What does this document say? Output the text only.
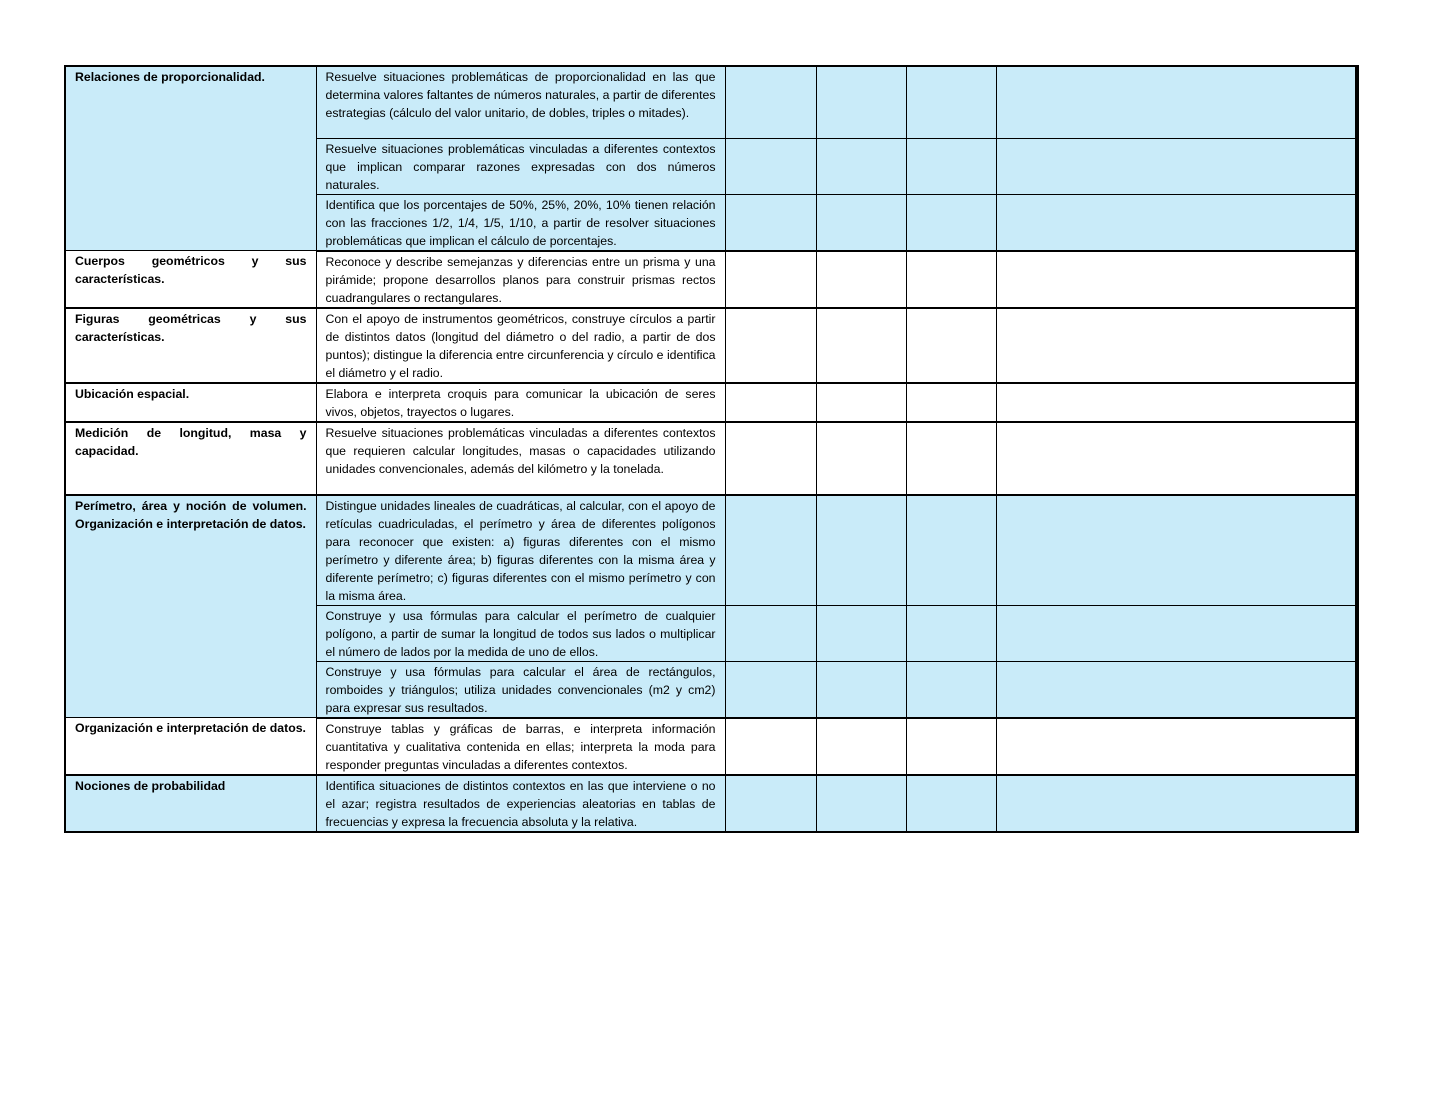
Relaciones de proporcionalidad.	Resuelve situaciones problemáticas de proporcionalidad en las que determina valores faltantes de números naturales, a partir de diferentes estrategias (cálculo del valor unitario, de dobles, triples o mitades).				
	Resuelve situaciones problemáticas vinculadas a diferentes contextos que implican comparar razones expresadas con dos números naturales.				
	Identifica que los porcentajes de 50%, 25%, 20%, 10% tienen relación con las fracciones 1/2, 1/4, 1/5, 1/10, a partir de resolver situaciones problemáticas que implican el cálculo de porcentajes.				
Cuerpos geométricos y sus características.	Reconoce y describe semejanzas y diferencias entre un prisma y una pirámide; propone desarrollos planos para construir prismas rectos cuadrangulares o rectangulares.				
Figuras geométricas y sus características.	Con el apoyo de instrumentos geométricos, construye círculos a partir de distintos datos (longitud del diámetro o del radio, a partir de dos puntos); distingue la diferencia entre circunferencia y círculo e identifica el diámetro y el radio.				
Ubicación espacial.	Elabora e interpreta croquis para comunicar la ubicación de seres vivos, objetos, trayectos o lugares.				
Medición de longitud, masa y capacidad.	Resuelve situaciones problemáticas vinculadas a diferentes contextos que requieren calcular longitudes, masas o capacidades utilizando unidades convencionales, además del kilómetro y la tonelada.				
Perímetro, área y noción de volumen. Organización e interpretación de datos.	Distingue unidades lineales de cuadráticas, al calcular, con el apoyo de retículas cuadriculadas, el perímetro y área de diferentes polígonos para reconocer que existen: a) figuras diferentes con el mismo perímetro y diferente área; b) figuras diferentes con la misma área y diferente perímetro; c) figuras diferentes con el mismo perímetro y con la misma área.				
	Construye y usa fórmulas para calcular el perímetro de cualquier polígono, a partir de sumar la longitud de todos sus lados o multiplicar el número de lados por la medida de uno de ellos.				
	Construye y usa fórmulas para calcular el área de rectángulos, romboides y triángulos; utiliza unidades convencionales (m2 y cm2) para expresar sus resultados.				
Organización e interpretación de datos.	Construye tablas y gráficas de barras, e interpreta información cuantitativa y cualitativa contenida en ellas; interpreta la moda para responder preguntas vinculadas a diferentes contextos.				
Nociones de probabilidad	Identifica situaciones de distintos contextos en las que interviene o no el azar; registra resultados de experiencias aleatorias en tablas de frecuencias y expresa la frecuencia absoluta y la relativa.				
